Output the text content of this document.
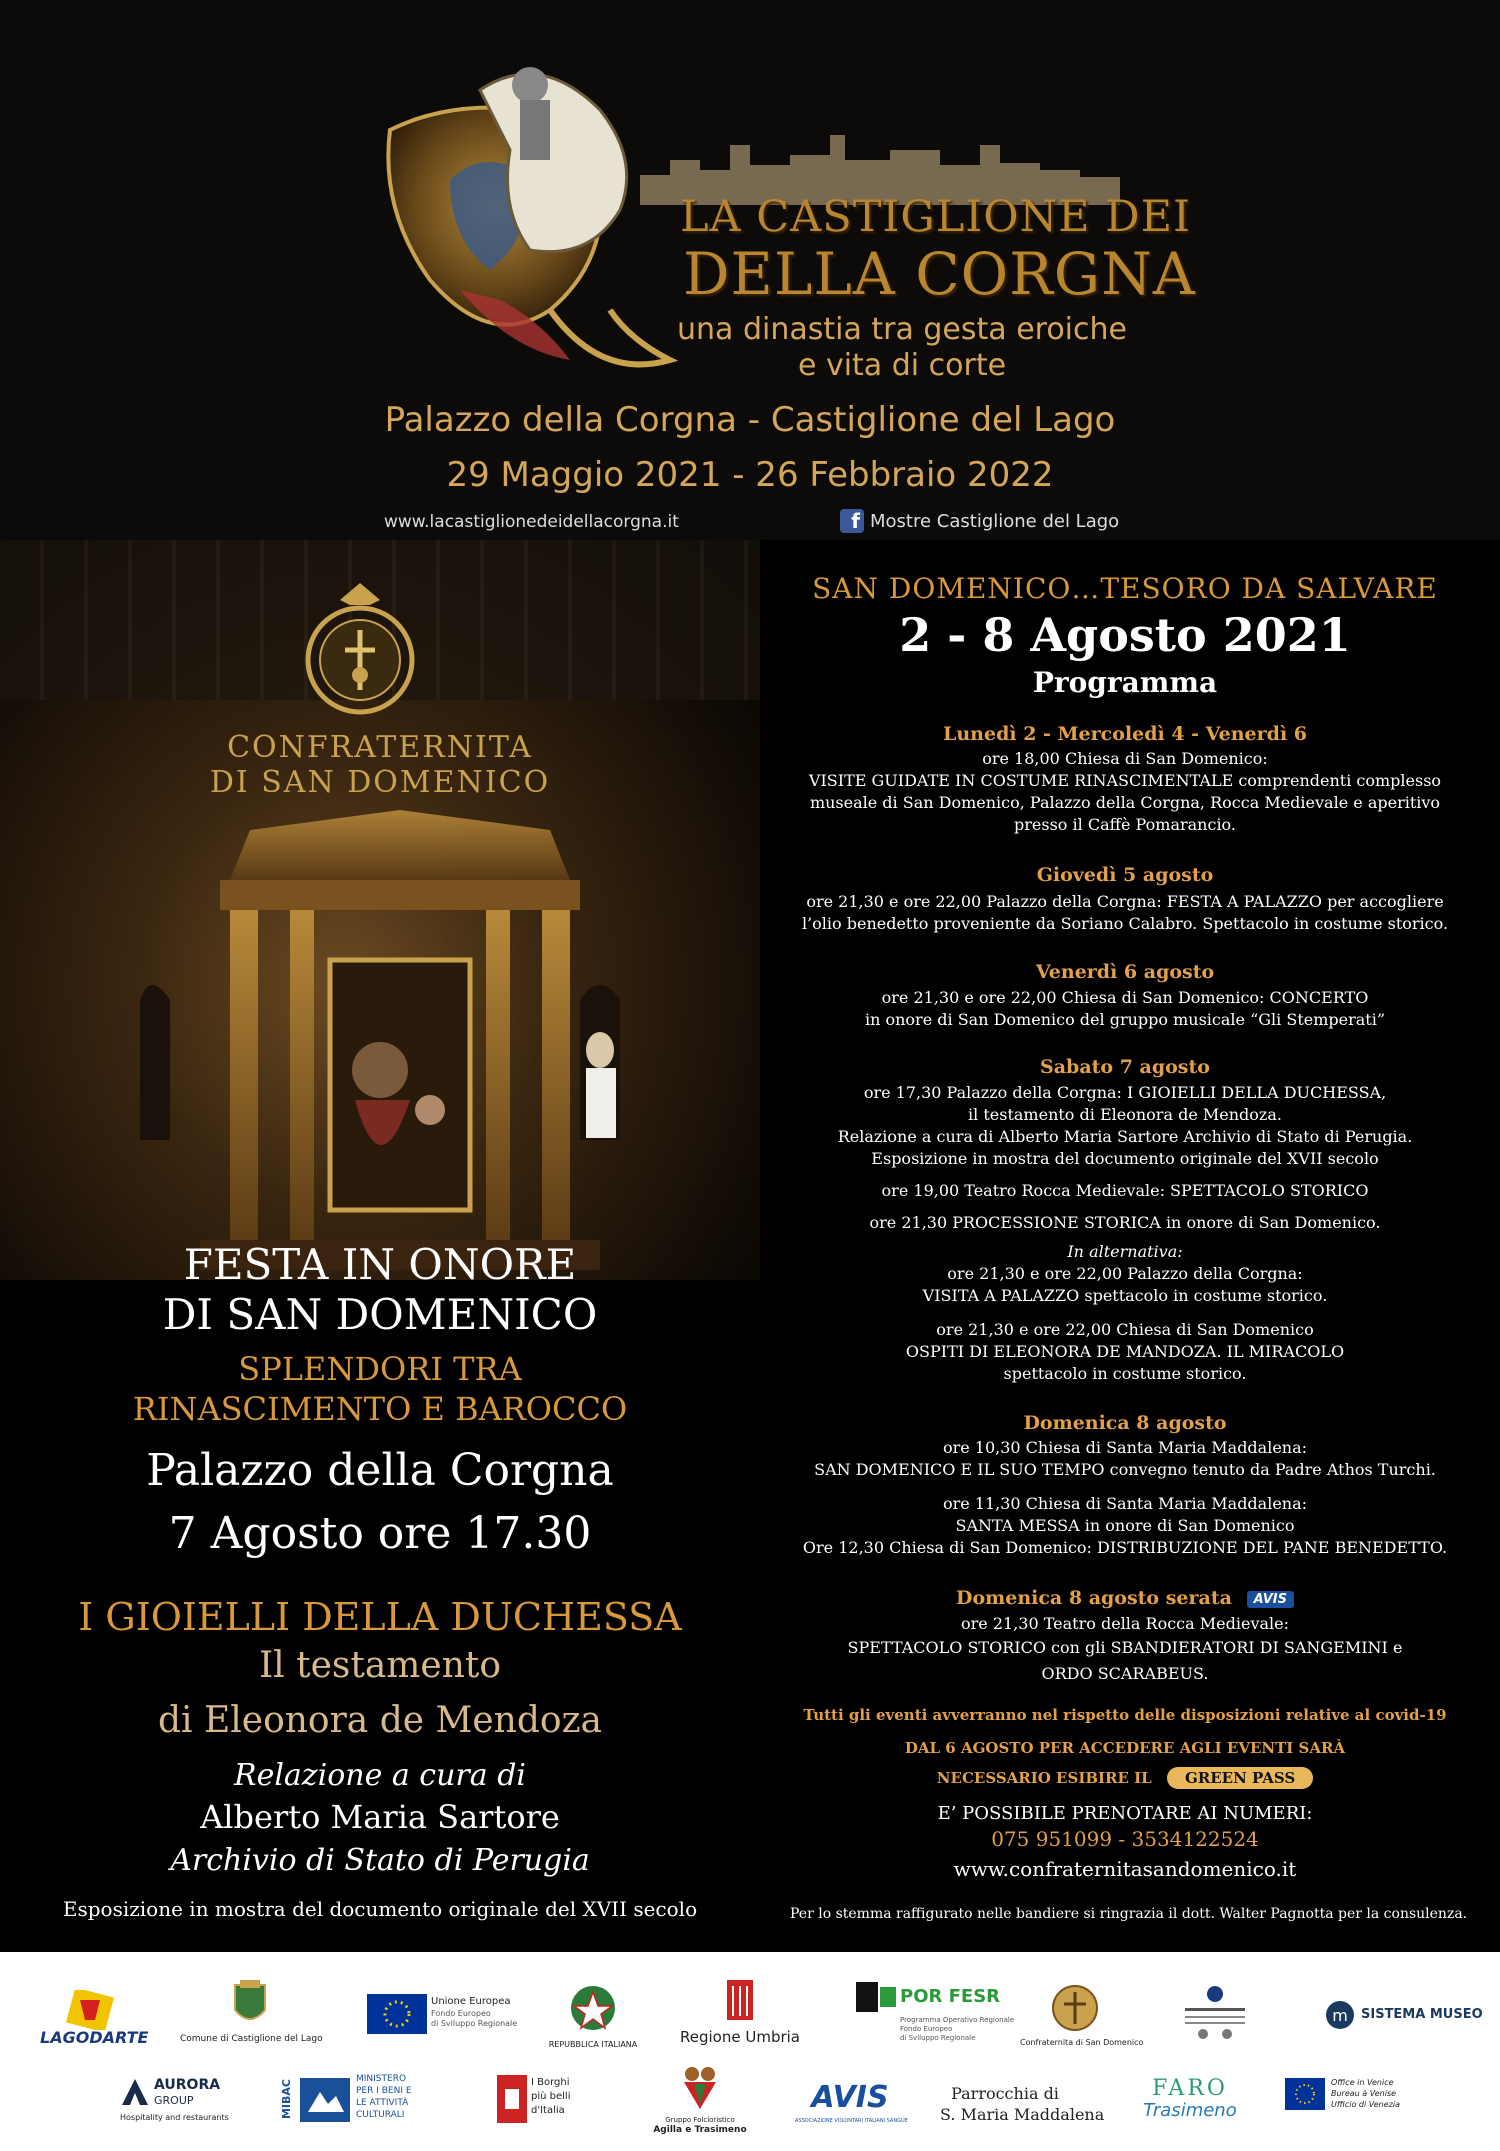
LA CASTIGLIONE DEI
DELLA CORGNA
una dinastia tra gesta eroiche
e vita di corte
Palazzo della Corgna - Castiglione del Lago
29 Maggio 2021 - 26 Febbraio 2022
www.lacastiglionedeidellacorgna.it	f Mostre Castiglione del Lago
CONFRATERNITA
DI SAN DOMENICO
FESTA IN ONORE
DI SAN DOMENICO
SPLENDORI TRA
RINASCIMENTO E BAROCCO
Palazzo della Corgna
7 Agosto ore 17.30
I GIOIELLI DELLA DUCHESSA
Il testamento
di Eleonora de Mendoza
Relazione a cura di
Alberto Maria Sartore
Archivio di Stato di Perugia
Esposizione in mostra del documento originale del XVII secolo
SAN DOMENICO…TESORO DA SALVARE
2 - 8 Agosto 2021
Programma
Lunedì 2 - Mercoledì 4 - Venerdì 6
ore 18,00 Chiesa di San Domenico:
VISITE GUIDATE IN COSTUME RINASCIMENTALE comprendenti complesso
museale di San Domenico, Palazzo della Corgna, Rocca Medievale e aperitivo
presso il Caffè Pomarancio.
Giovedì 5 agosto
ore 21,30 e ore 22,00 Palazzo della Corgna: FESTA A PALAZZO per accogliere
l’olio benedetto proveniente da Soriano Calabro. Spettacolo in costume storico.
Venerdì 6 agosto
ore 21,30 e ore 22,00 Chiesa di San Domenico: CONCERTO
in onore di San Domenico del gruppo musicale “Gli Stemperati”
Sabato 7 agosto
ore 17,30 Palazzo della Corgna: I GIOIELLI DELLA DUCHESSA,
il testamento di Eleonora de Mendoza.
Relazione a cura di Alberto Maria Sartore Archivio di Stato di Perugia.
Esposizione in mostra del documento originale del XVII secolo
ore 19,00 Teatro Rocca Medievale: SPETTACOLO STORICO
ore 21,30 PROCESSIONE STORICA in onore di San Domenico.
In alternativa:
ore 21,30 e ore 22,00 Palazzo della Corgna:
VISITA A PALAZZO spettacolo in costume storico.
ore 21,30 e ore 22,00 Chiesa di San Domenico
OSPITI DI ELEONORA DE MANDOZA. IL MIRACOLO
spettacolo in costume storico.
Domenica 8 agosto
ore 10,30 Chiesa di Santa Maria Maddalena:
SAN DOMENICO E IL SUO TEMPO convegno tenuto da Padre Athos Turchi.
ore 11,30 Chiesa di Santa Maria Maddalena:
SANTA MESSA in onore di San Domenico
Ore 12,30 Chiesa di San Domenico: DISTRIBUZIONE DEL PANE BENEDETTO.
Domenica 8 agosto serata AVIS
ore 21,30 Teatro della Rocca Medievale:
SPETTACOLO STORICO con gli SBANDIERATORI DI SANGEMINI e
ORDO SCARABEUS.
Tutti gli eventi avverranno nel rispetto delle disposizioni relative al covid-19
DAL 6 AGOSTO PER ACCEDERE AGLI EVENTI SARÀ
NECESSARIO ESIBIRE IL GREEN PASS
E’ POSSIBILE PRENOTARE AI NUMERI:
075 951099 - 3534122524
www.confraternitasandomenico.it
Per lo stemma raffigurato nelle bandiere si ringrazia il dott. Walter Pagnotta per la consulenza.
LAGODARTE	Comune di Castiglione del Lago
Unione Europea
Fondo Europeo
di Sviluppo Regionale
REPUBBLICA ITALIANA	Regione Umbria
POR FESR
Programma Operativo Regionale
Fondo Europeo
di Sviluppo Regionale	Confraternita di San Domenico
m SISTEMA MUSEO
AURORA
GROUP
Hospitality and restaurants	MIBAC	MINISTERO
PER I BENI E
LE ATTIVITÀ
CULTURALI
I Borghi
più belli
d'Italia
Gruppo Folcloristico
Agilla e Trasimeno
AVIS
ASSOCIAZIONE VOLONTARI ITALIANI SANGUE
Parrocchia di
S. Maria Maddalena
FARO
Trasimeno
Office in Venice
Bureau à Venise
Ufficio di Venezia
